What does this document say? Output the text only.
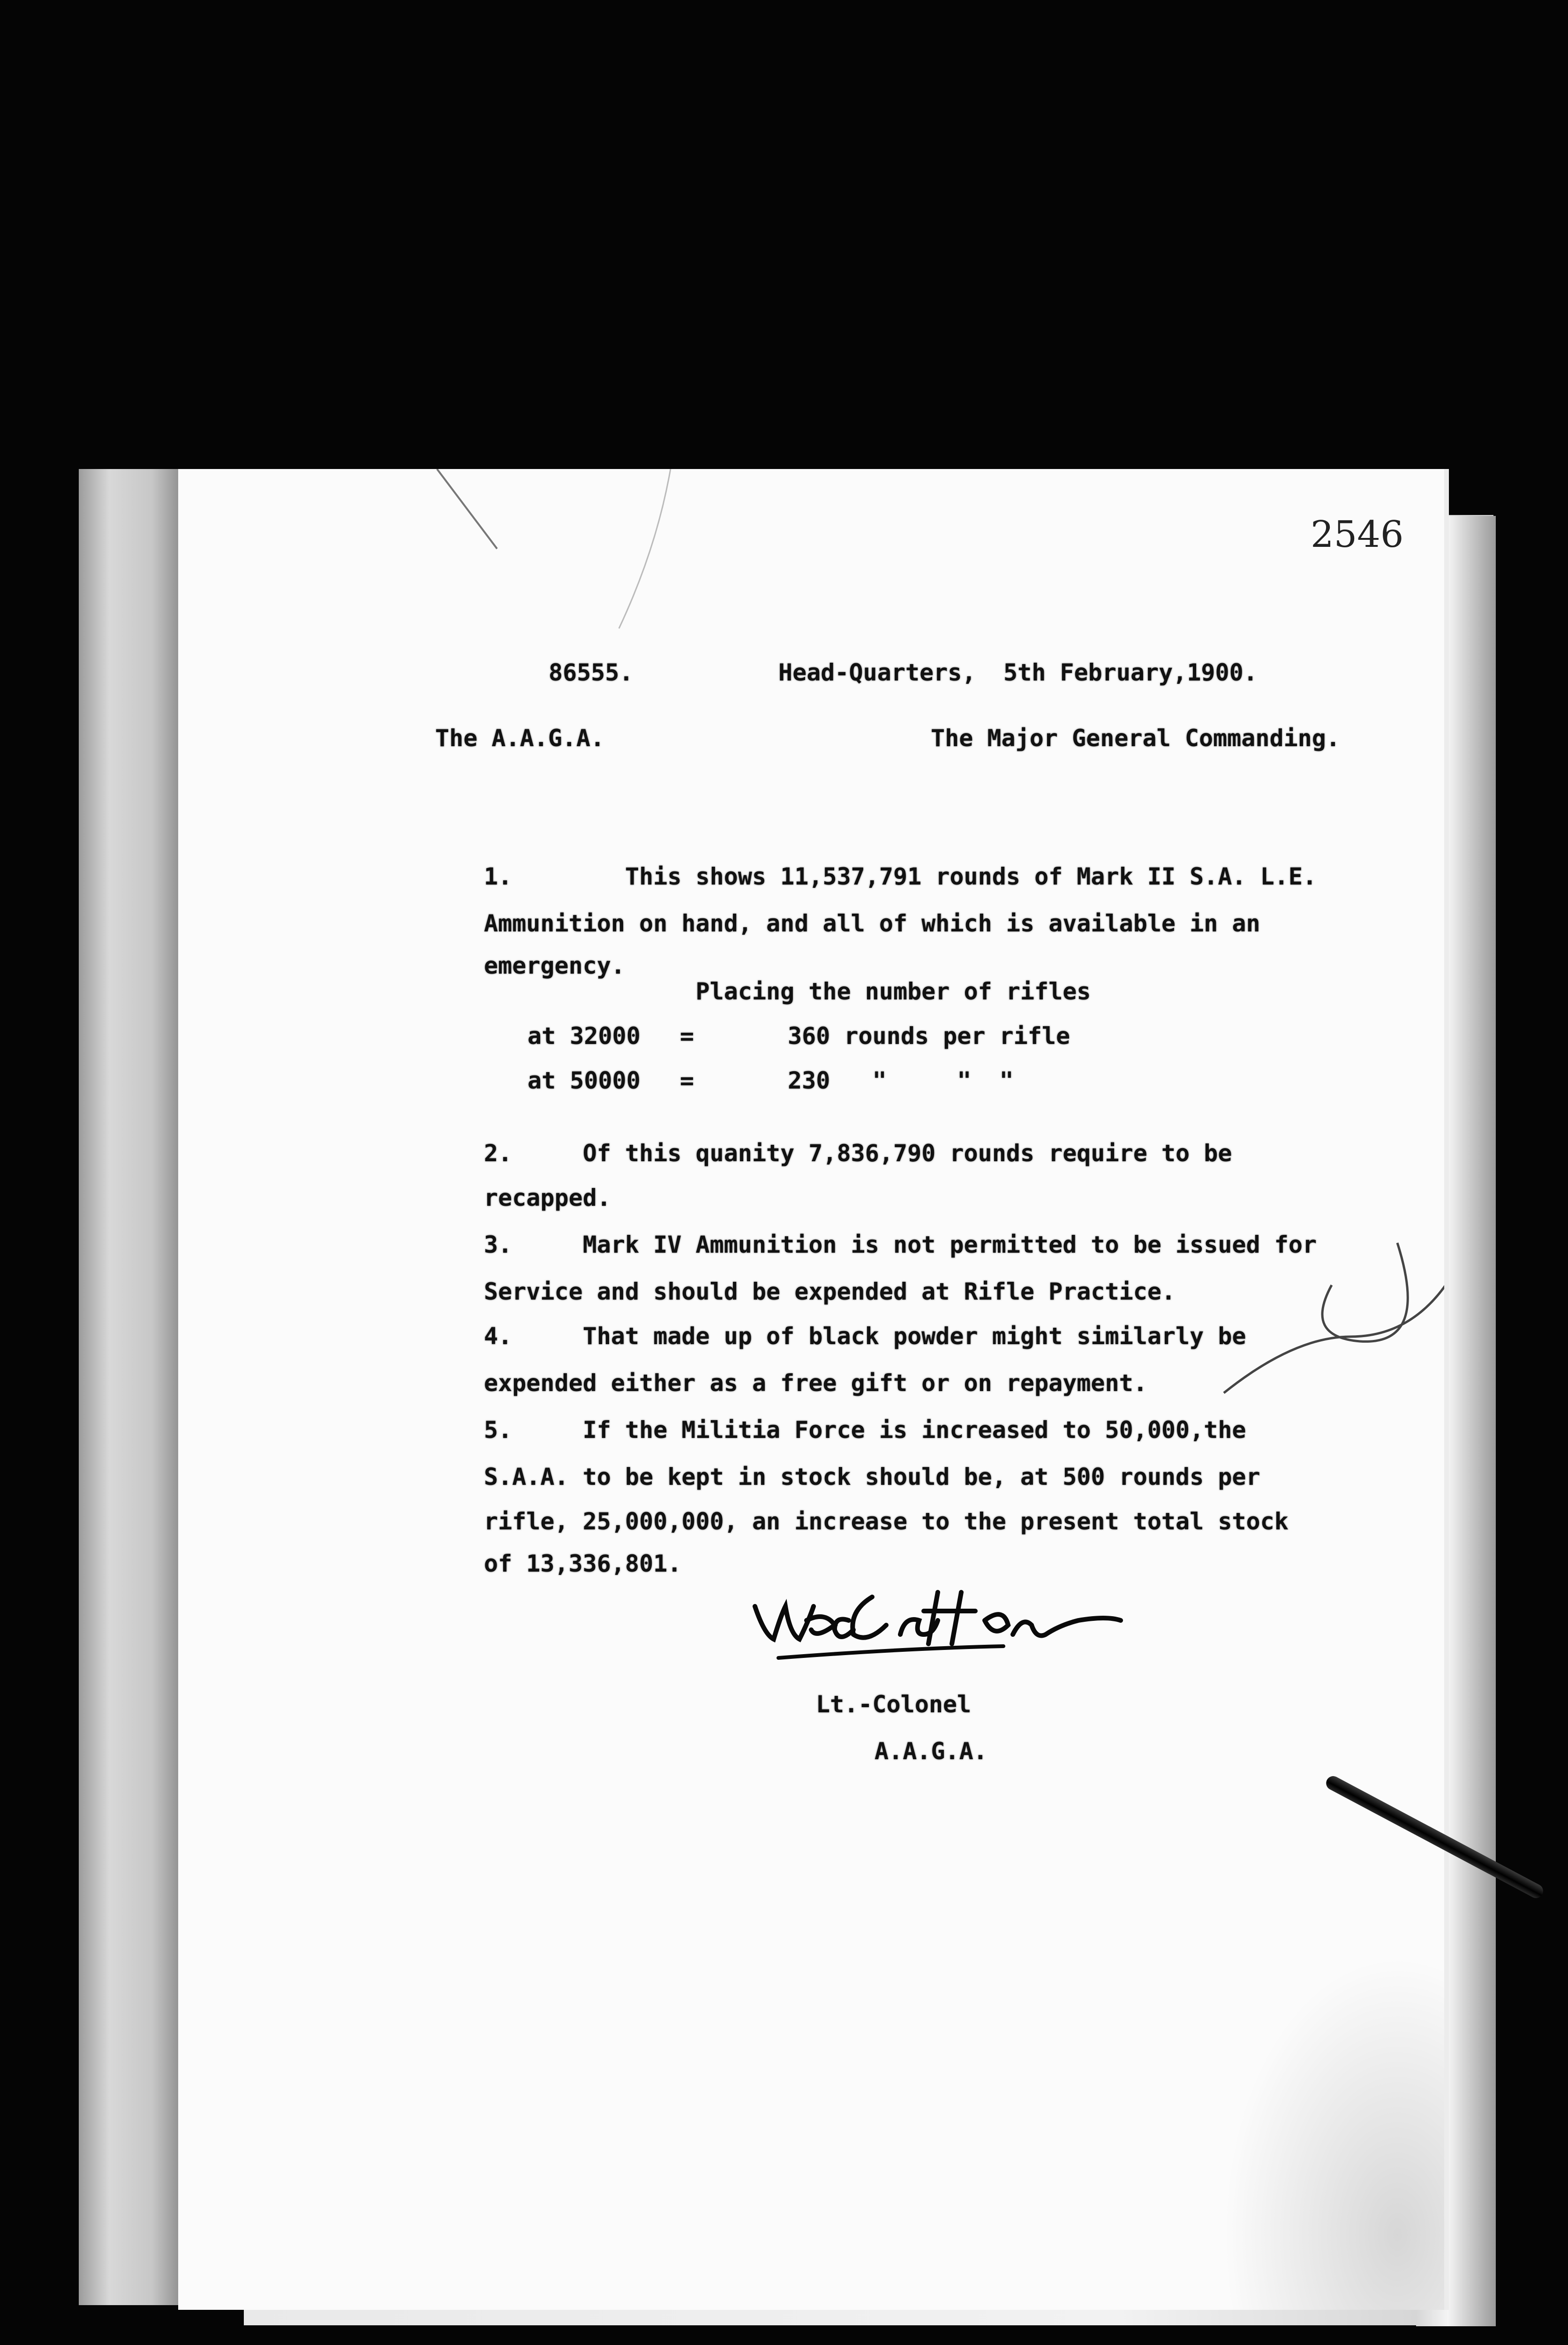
2546
86555.	Head-Quarters, 5th February,1900.
The A.A.G.A.	The Major General Commanding.
1.        This shows 11,537,791 rounds of Mark II S.A. L.E.
Ammunition on hand, and all of which is available in an
emergency.
Placing the number of rifles
at 32000 =	360 rounds per rifle
at 50000 =	230   "     "  "
2.     Of this quanity 7,836,790 rounds require to be
recapped.
3.     Mark IV Ammunition is not permitted to be issued for
Service and should be expended at Rifle Practice.
4.     That made up of black powder might similarly be
expended either as a free gift or on repayment.
5.     If the Militia Force is increased to 50,000,the
S.A.A. to be kept in stock should be, at 500 rounds per
rifle, 25,000,000, an increase to the present total stock
of 13,336,801.
Lt.-Colonel
A.A.G.A.
